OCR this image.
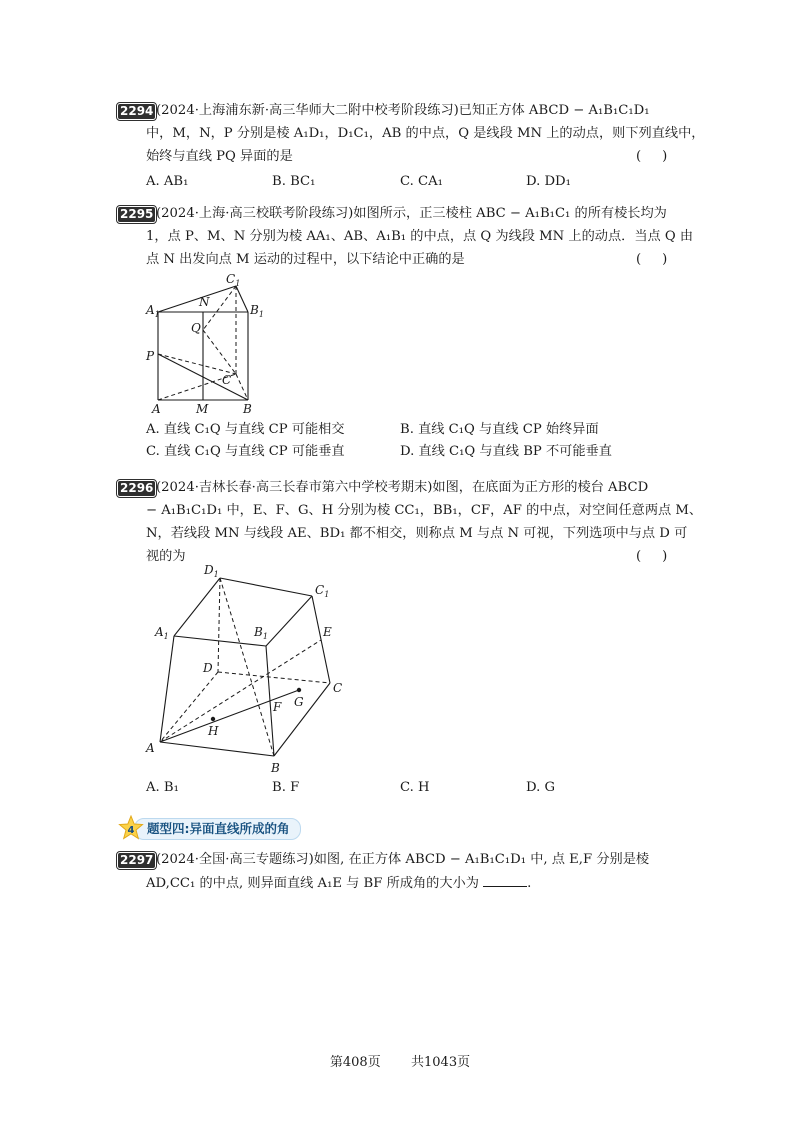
2294 (2024·上海浦东新·高三华师大二附中校考阶段练习)已知正方体 ABCD − A₁B₁C₁D₁
中，M，N，P 分别是棱 A₁D₁，D₁C₁，AB 的中点，Q 是线段 MN 上的动点，则下列直线中，
始终与直线 PQ 异面的是	(     )
A. AB₁	B. BC₁	C. CA₁	D. DD₁
2295 (2024·上海·高三校联考阶段练习)如图所示，正三棱柱 ABC − A₁B₁C₁ 的所有棱长均为
1，点 P、M、N 分别为棱 AA₁、AB、A₁B₁ 的中点，点 Q 为线段 MN 上的动点．当点 Q 由
点 N 出发向点 M 运动的过程中，以下结论中正确的是	(     )
$A_1$	$B_1$
$C_1$
N
Q
P
C
A	M	B
A. 直线 C₁Q 与直线 CP 可能相交	B. 直线 C₁Q 与直线 CP 始终异面
C. 直线 C₁Q 与直线 CP 可能垂直	D. 直线 C₁Q 与直线 BP 不可能垂直
2296 (2024·吉林长春·高三长春市第六中学校考期末)如图，在底面为正方形的棱台 ABCD
− A₁B₁C₁D₁ 中，E、F、G、H 分别为棱 CC₁，BB₁，CF，AF 的中点，对空间任意两点 M、
N，若线段 MN 与线段 AE、BD₁ 都不相交，则称点 M 与点 N 可视，下列选项中与点 D 可
视的为	(     )
$D_1$
$C_1$
$A_1$	$B_1$	E
D
C
F G
H
A
B
A. B₁	B. F	C. H	D. G
题型四:异面直线所成的角
4
2297 (2024·全国·高三专题练习)如图, 在正方体 ABCD − A₁B₁C₁D₁ 中, 点 E,F 分别是棱
AD,CC₁ 的中点, 则异面直线 A₁E 与 BF 所成角的大小为	.
第408页 共1043页
